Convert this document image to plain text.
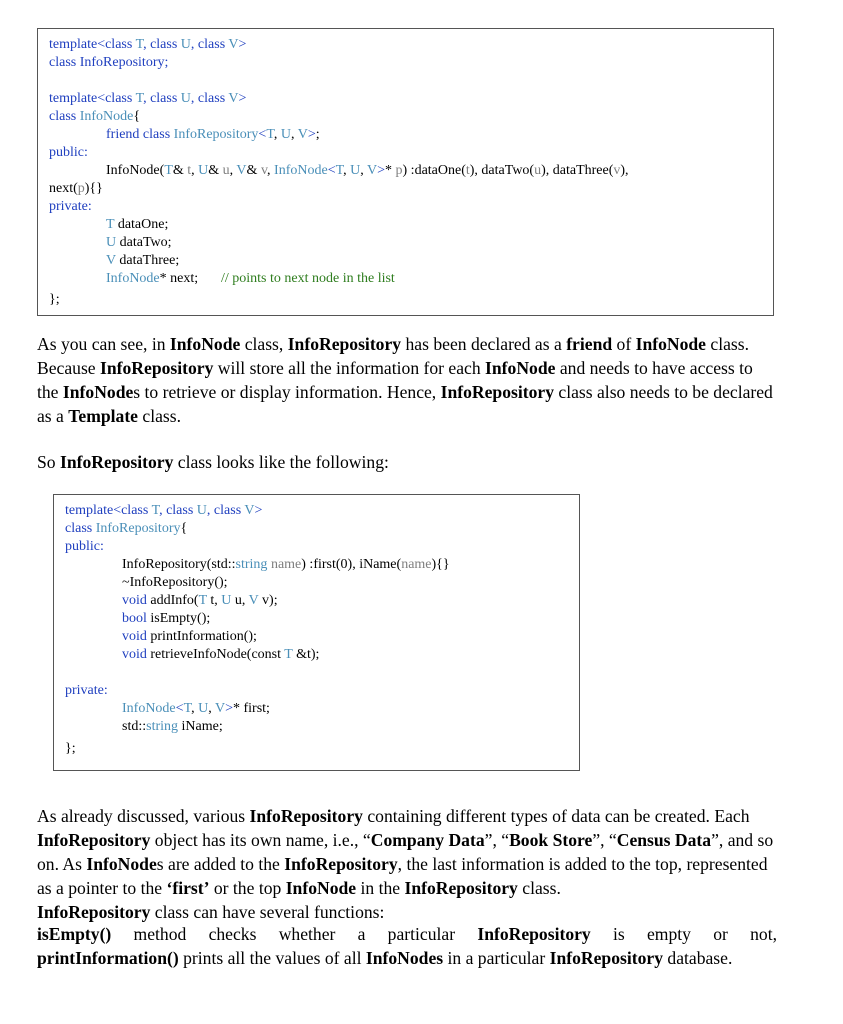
template<class T, class U, class V>

class InfoRepository;

template<class T, class U, class V>

class InfoNode{

friend class InfoRepository<T, U, V>;

public:

InfoNode(T& t, U& u, V& v, InfoNode<T, U, V>* p) :dataOne(t), dataTwo(u), dataThree(v),

next(p){}

private:

T dataOne;

U dataTwo;

V dataThree;

InfoNode* next;

// points to next node in the list

};

As you can see, in InfoNode class, InfoRepository has been declared as a friend of InfoNode class. Because InfoRepository will store all the information for each InfoNode and needs to have access to the InfoNodes to retrieve or display information. Hence, InfoRepository class also needs to be declared as a Template class.
So InfoRepository class looks like the following:

template<class T, class U, class V>

class InfoRepository{

public:

InfoRepository(std::string name) :first(0), iName(name){}

~InfoRepository();

void addInfo(T t, U u, V v);

bool isEmpty();

void printInformation();

void retrieveInfoNode(const T &t);

private:

InfoNode<T, U, V>* first;

std::string iName;

};

As already discussed, various InfoRepository containing different types of data can be created. Each InfoRepository object has its own name, i.e., “Company Data”, “Book Store”, “Census Data”, and so on. As InfoNodes are added to the InfoRepository, the last information is added to the top, represented as a pointer to the ‘first’ or the top InfoNode in the InfoRepository class.
InfoRepository class can have several functions:
isEmpty() method checks whether a particular InfoRepository is empty or not,
printInformation() prints all the values of all InfoNodes in a particular InfoRepository database.
